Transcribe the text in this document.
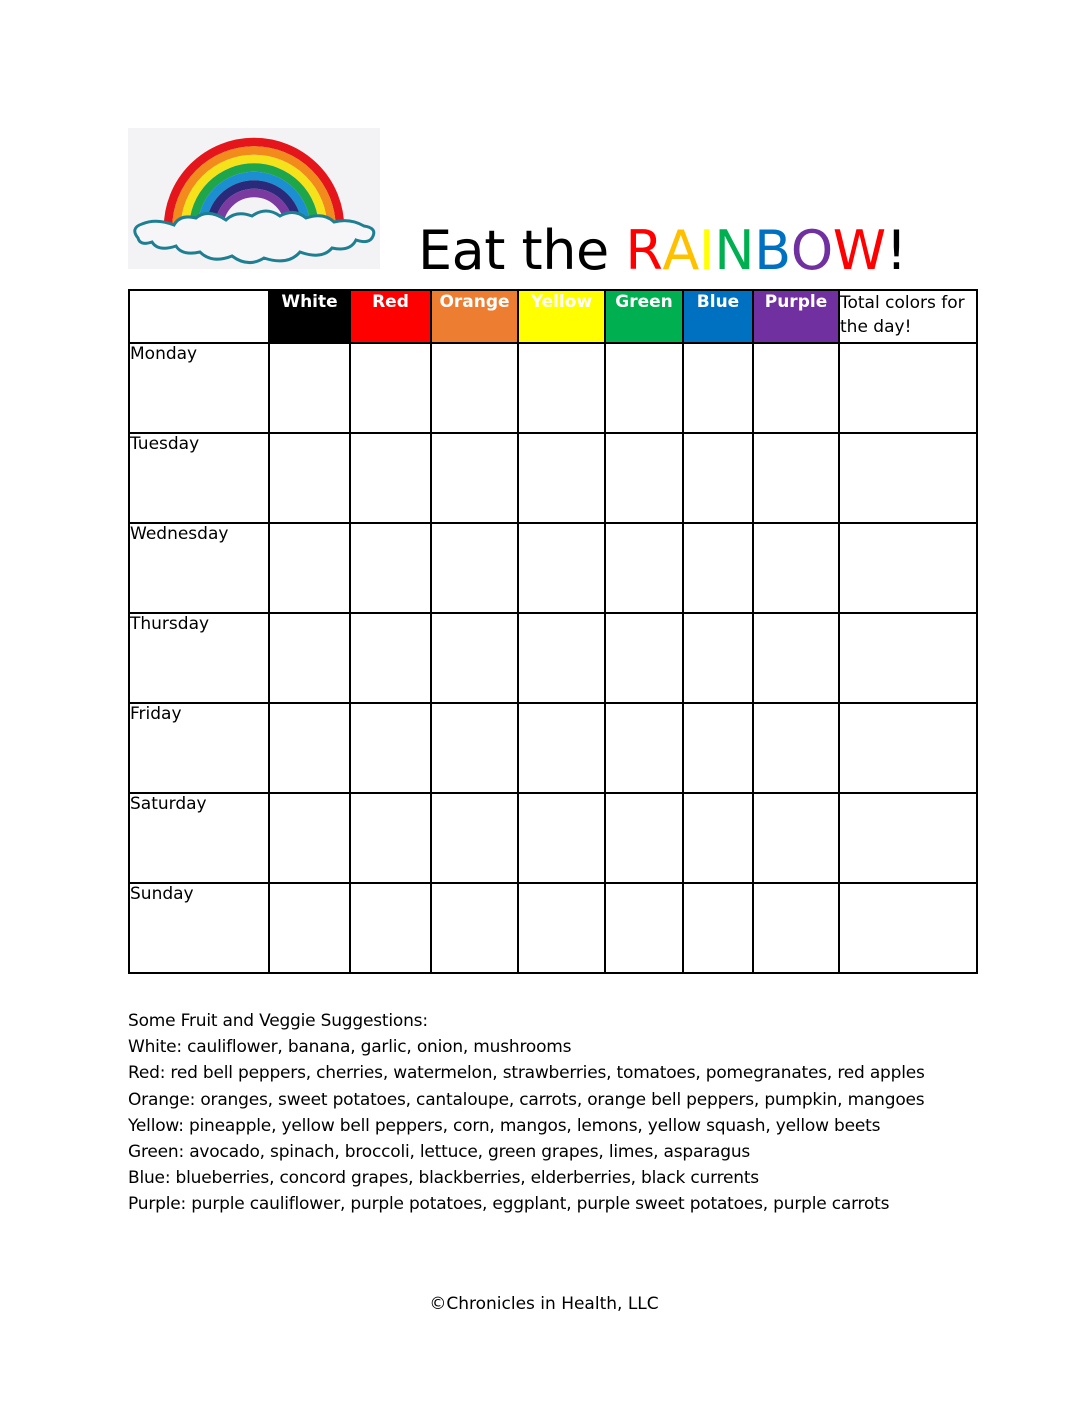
Eat the RAINBOW!
	White	Red	Orange	Yellow	Green	Blue	Purple	Total colors for the day!
Monday								
Tuesday								
Wednesday								
Thursday								
Friday								
Saturday								
Sunday								
Some Fruit and Veggie Suggestions:
White: cauliflower, banana, garlic, onion, mushrooms
Red: red bell peppers, cherries, watermelon, strawberries, tomatoes, pomegranates, red apples
Orange: oranges, sweet potatoes, cantaloupe, carrots, orange bell peppers, pumpkin, mangoes
Yellow: pineapple, yellow bell peppers, corn, mangos, lemons, yellow squash, yellow beets
Green: avocado, spinach, broccoli, lettuce, green grapes, limes, asparagus
Blue: blueberries, concord grapes, blackberries, elderberries, black currents
Purple: purple cauliflower, purple potatoes, eggplant, purple sweet potatoes, purple carrots
©Chronicles in Health, LLC
